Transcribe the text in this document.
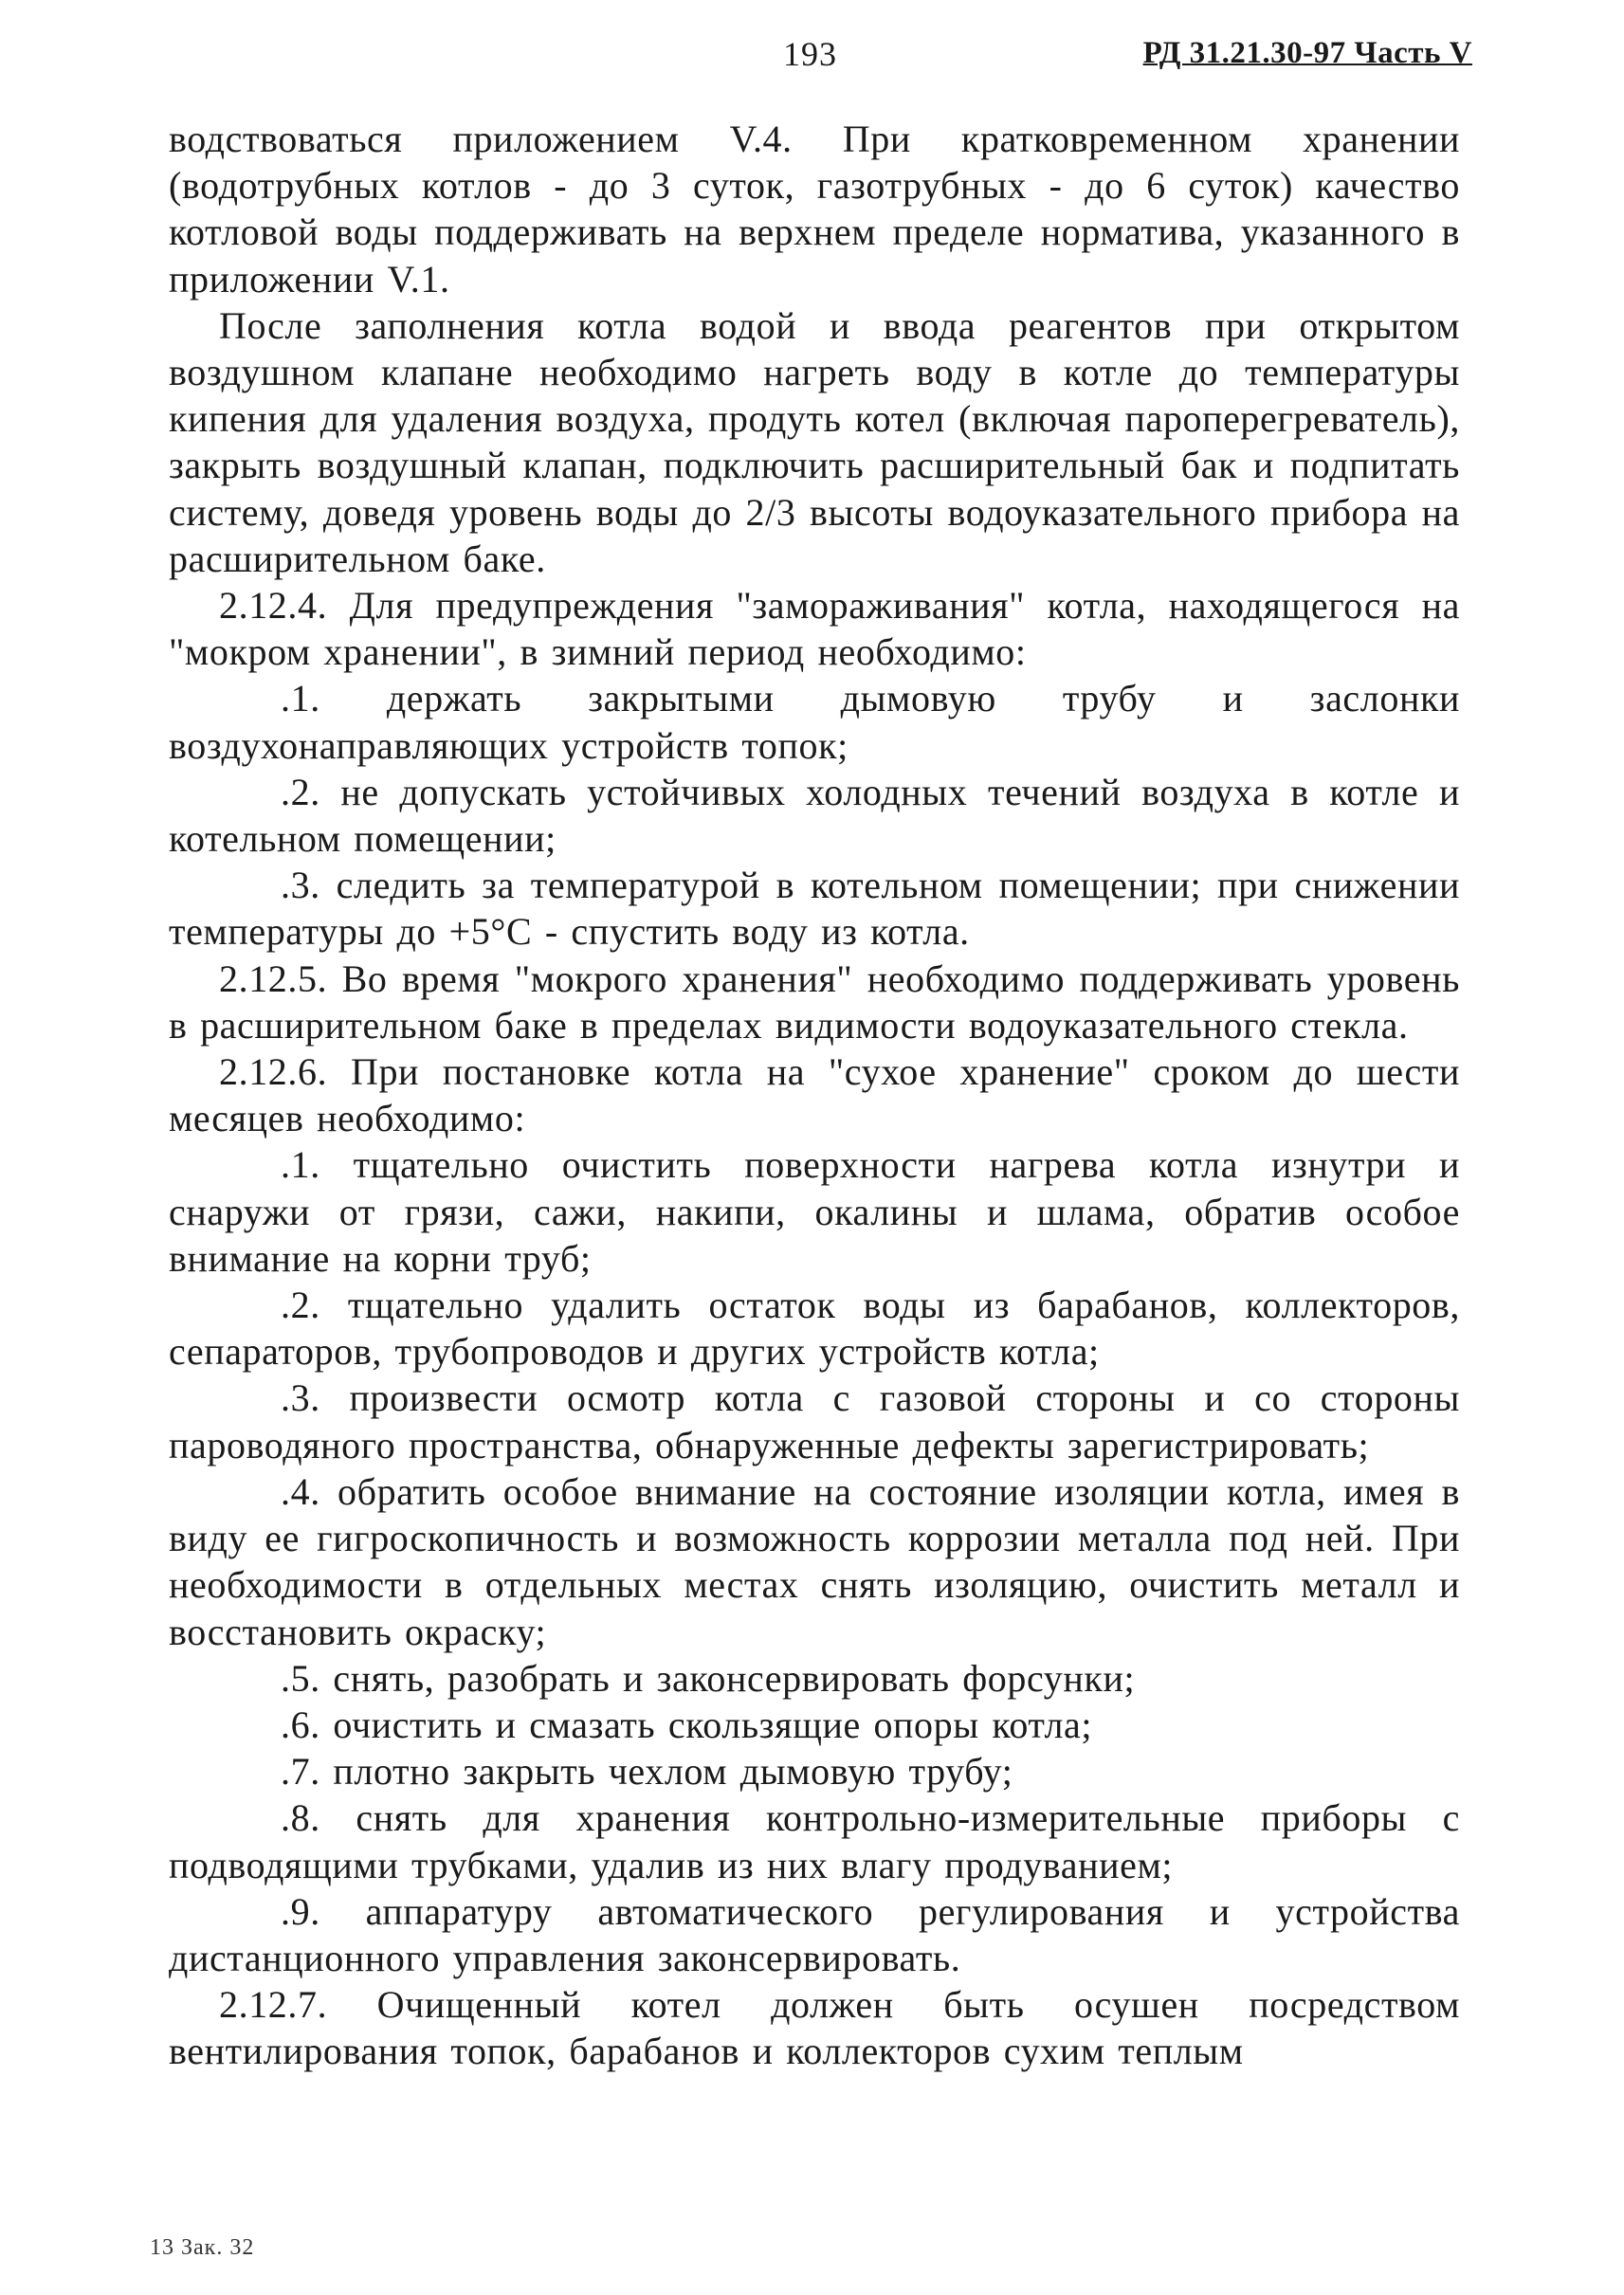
193	РД 31.21.30-97 Часть V

водствоваться приложением V.4. При кратковременном хранении (водотрубных котлов - до 3 суток, газотрубных - до 6 суток) качество котловой воды поддерживать на верхнем пределе норматива, указанного в приложении V.1.

После заполнения котла водой и ввода реагентов при открытом воздушном клапане необходимо нагреть воду в котле до температуры кипения для удаления воздуха, продуть котел (включая пароперегреватель), закрыть воздушный клапан, подключить расширительный бак и подпитать систему, доведя уровень воды до 2/3 высоты водоуказательного прибора на расширительном баке.

2.12.4. Для предупреждения "замораживания" котла, находящегося на "мокром хранении", в зимний период необходимо:

.1. держать закрытыми дымовую трубу и заслонки воздухонаправляющих устройств топок;

.2. не допускать устойчивых холодных течений воздуха в котле и котельном помещении;

.3. следить за температурой в котельном помещении; при снижении температуры до +5°С - спустить воду из котла.

2.12.5. Во время "мокрого хранения" необходимо поддерживать уровень в расширительном баке в пределах видимости водоуказательного стекла.

2.12.6. При постановке котла на "сухое хранение" сроком до шести месяцев необходимо:

.1. тщательно очистить поверхности нагрева котла изнутри и снаружи от грязи, сажи, накипи, окалины и шлама, обратив особое внимание на корни труб;

.2. тщательно удалить остаток воды из барабанов, коллекторов, сепараторов, трубопроводов и других устройств котла;

.3. произвести осмотр котла с газовой стороны и со стороны пароводяного пространства, обнаруженные дефекты зарегистрировать;

.4. обратить особое внимание на состояние изоляции котла, имея в виду ее гигроскопичность и возможность коррозии металла под ней. При необходимости в отдельных местах снять изоляцию, очистить металл и восстановить окраску;

.5. снять, разобрать и законсервировать форсунки;

.6. очистить и смазать скользящие опоры котла;

.7. плотно закрыть чехлом дымовую трубу;

.8. снять для хранения контрольно-измерительные приборы с подводящими трубками, удалив из них влагу продуванием;

.9. аппаратуру автоматического регулирования и устройства дистанционного управления законсервировать.

2.12.7. Очищенный котел должен быть осушен посредством вентилирования топок, барабанов и коллекторов сухим теплым

13 Зак. 32
